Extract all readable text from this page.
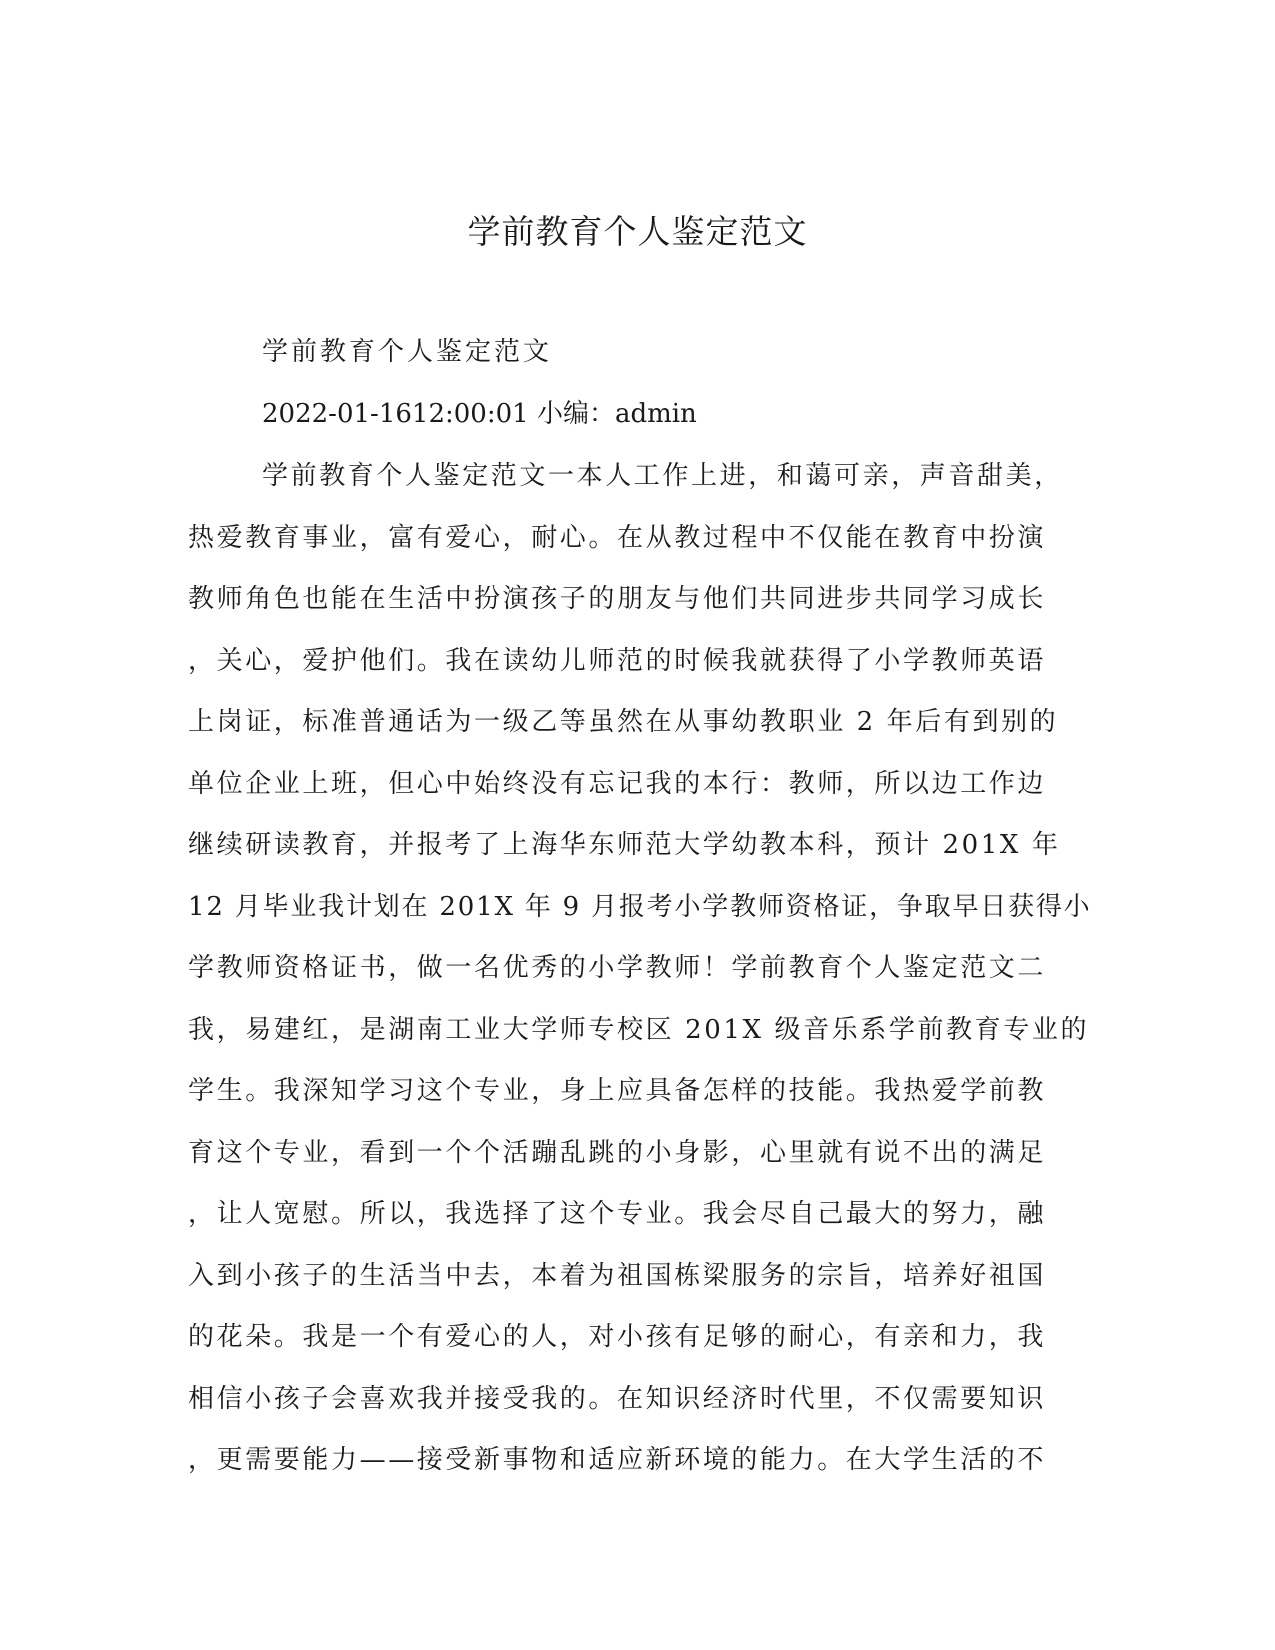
学前教育个人鉴定范文

学前教育个人鉴定范文

2022-01-1612:00:01 小编：admin

学前教育个人鉴定范文一本人工作上进，和蔼可亲，声音甜美，
热爱教育事业，富有爱心，耐心。在从教过程中不仅能在教育中扮演
教师角色也能在生活中扮演孩子的朋友与他们共同进步共同学习成长
，关心，爱护他们。我在读幼儿师范的时候我就获得了小学教师英语
上岗证，标准普通话为一级乙等虽然在从事幼教职业 2 年后有到别的
单位企业上班，但心中始终没有忘记我的本行：教师，所以边工作边
继续研读教育，并报考了上海华东师范大学幼教本科，预计 201X 年
12 月毕业我计划在 201X 年 9 月报考小学教师资格证，争取早日获得小
学教师资格证书，做一名优秀的小学教师！学前教育个人鉴定范文二
我，易建红，是湖南工业大学师专校区 201X 级音乐系学前教育专业的
学生。我深知学习这个专业，身上应具备怎样的技能。我热爱学前教
育这个专业，看到一个个活蹦乱跳的小身影，心里就有说不出的满足
，让人宽慰。所以，我选择了这个专业。我会尽自己最大的努力，融
入到小孩子的生活当中去，本着为祖国栋梁服务的宗旨，培养好祖国
的花朵。我是一个有爱心的人，对小孩有足够的耐心，有亲和力，我
相信小孩子会喜欢我并接受我的。在知识经济时代里，不仅需要知识
，更需要能力——接受新事物和适应新环境的能力。在大学生活的不
